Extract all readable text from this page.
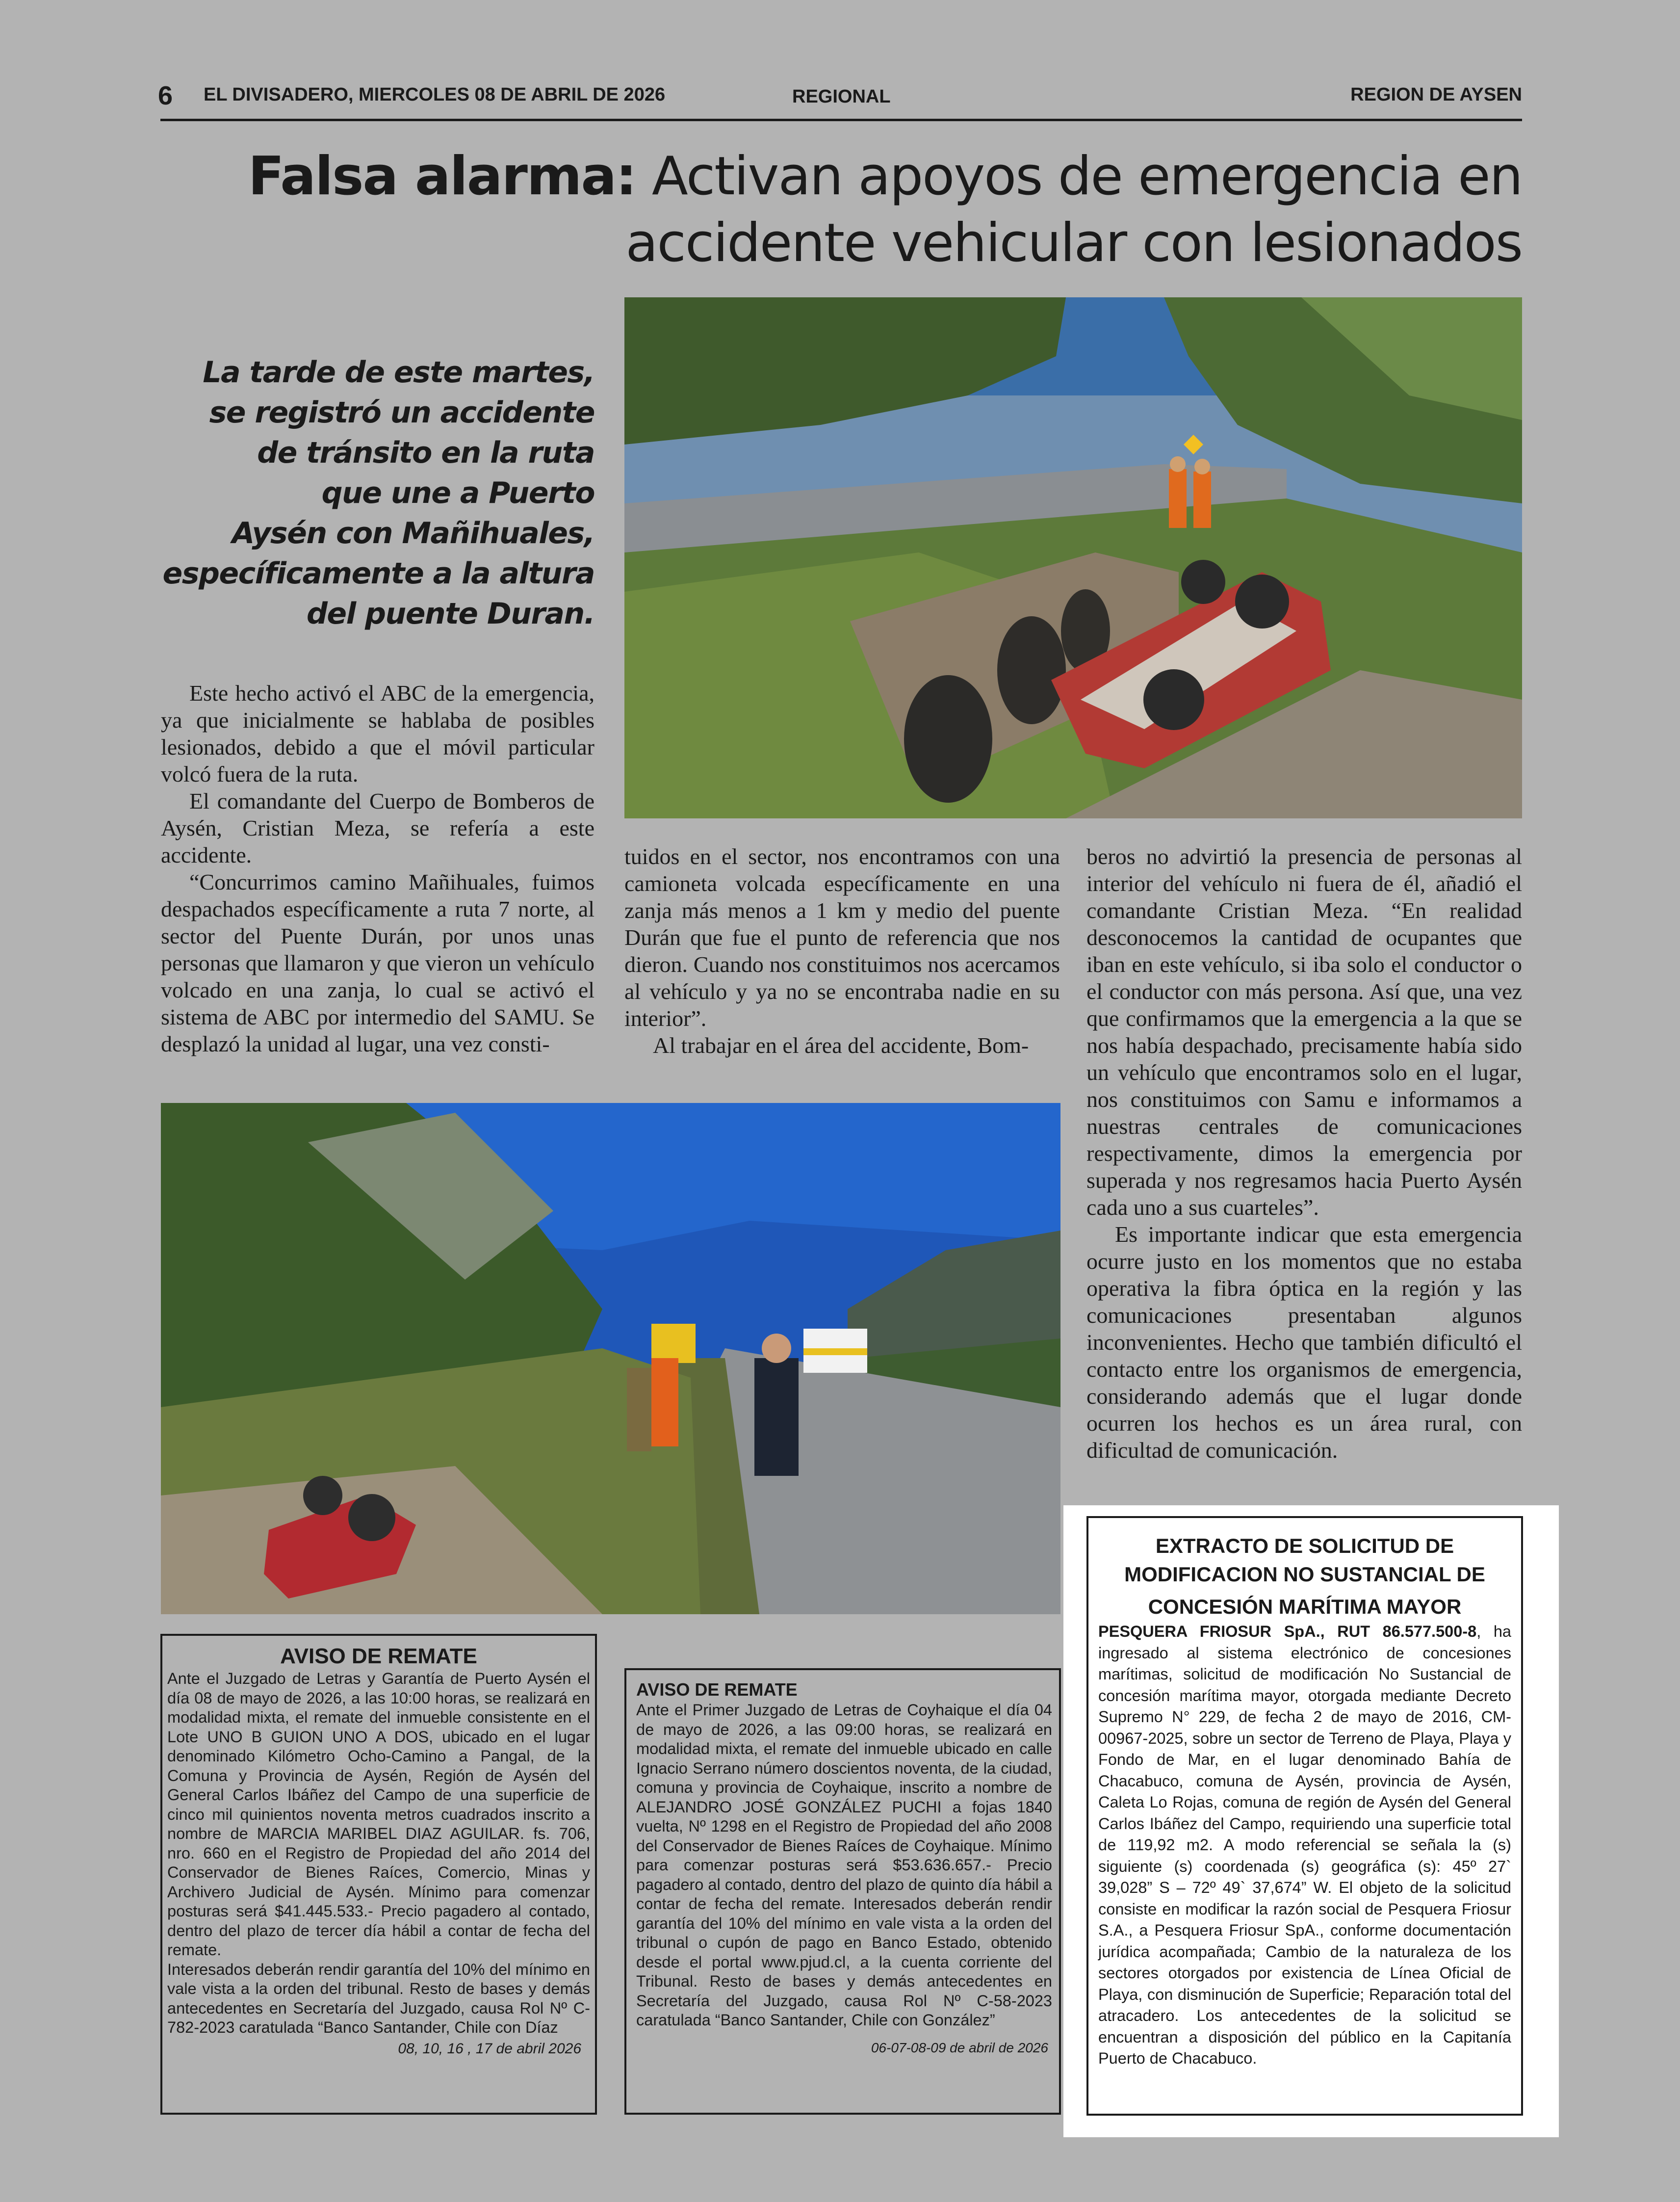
6 EL DIVISADERO, MIERCOLES 08 DE ABRIL DE 2026	REGIONAL	REGION DE AYSEN
Falsa alarma: Activan apoyos de emergencia en
accidente vehicular con lesionados
La tarde de este martes,
se registró un accidente
de tránsito en la ruta
que une a Puerto
Aysén con Mañihuales,
específicamente a la altura
del puente Duran.

Este hecho activó el ABC de la emergencia, ya que inicialmente se hablaba de posibles lesionados, debido a que el móvil particular volcó fuera de la ruta.

El comandante del Cuerpo de Bomberos de Aysén, Cristian Meza, se refería a este accidente.

“Concurrimos camino Mañihuales, fuimos despachados específicamente a ruta 7 norte, al sector del Puente Durán, por unos unas personas que llamaron y que vieron un vehículo volcado en una zanja, lo cual se activó el sistema de ABC por intermedio del SAMU. Se desplazó la unidad al lugar, una vez consti-

tuidos en el sector, nos encontramos con una camioneta volcada específicamente en una zanja más menos a 1 km y medio del puente Durán que fue el punto de referencia que nos dieron. Cuando nos constituimos nos acercamos al vehículo y ya no se encontraba nadie en su interior”.

Al trabajar en el área del accidente, Bom-

beros no advirtió la presencia de personas al interior del vehículo ni fuera de él, añadió el comandante Cristian Meza. “En realidad desconocemos la cantidad de ocupantes que iban en este vehículo, si iba solo el conductor o el conductor con más persona. Así que, una vez que confirmamos que la emergencia a la que se nos había despachado, precisamente había sido un vehículo que encontramos solo en el lugar, nos constituimos con Samu e informamos a nuestras centrales de comunicaciones respectivamente, dimos la emergencia por superada y nos regresamos hacia Puerto Aysén cada uno a sus cuarteles”.

Es importante indicar que esta emergencia ocurre justo en los momentos que no estaba operativa la fibra óptica en la región y las comunicaciones presentaban algunos inconvenientes. Hecho que también dificultó el contacto entre los organismos de emergencia, considerando además que el lugar donde ocurren los hechos es un área rural, con dificultad de comunicación.

AVISO DE REMATE
Ante el Juzgado de Letras y Garantía de Puerto Aysén el día 08 de mayo de 2026, a las 10:00 horas, se realizará en modalidad mixta, el remate del inmueble consistente en el Lote UNO B GUION UNO A DOS, ubicado en el lugar denominado Kilómetro Ocho-Camino a Pangal, de la Comuna y Provincia de Aysén, Región de Aysén del General Carlos Ibáñez del Campo de una superficie de cinco mil quinientos noventa metros cuadrados inscrito a nombre de MARCIA MARIBEL DIAZ AGUILAR. fs. 706, nro. 660 en el Registro de Propiedad del año 2014 del Conservador de Bienes Raíces, Comercio, Minas y Archivero Judicial de Aysén. Mínimo para comenzar posturas será $41.445.533.- Precio pagadero al contado, dentro del plazo de tercer día hábil a contar de fecha del remate.
Interesados deberán rendir garantía del 10% del mínimo en vale vista a la orden del tribunal. Resto de bases y demás antecedentes en Secretaría del Juzgado, causa Rol Nº C-782-2023 caratulada “Banco Santander, Chile con Díaz
08, 10, 16 , 17 de abril 2026
AVISO DE REMATE
Ante el Primer Juzgado de Letras de Coyhaique el día 04 de mayo de 2026, a las 09:00 horas, se realizará en modalidad mixta, el remate del inmueble ubicado en calle Ignacio Serrano número doscientos noventa, de la ciudad, comuna y provincia de Coyhaique, inscrito a nombre de ALEJANDRO JOSÉ GONZÁLEZ PUCHI a fojas 1840 vuelta, Nº 1298 en el Registro de Propiedad del año 2008 del Conservador de Bienes Raíces de Coyhaique. Mínimo para comenzar posturas será $53.636.657.- Precio pagadero al contado, dentro del plazo de quinto día hábil a contar de fecha del remate. Interesados deberán rendir garantía del 10% del mínimo en vale vista a la orden del tribunal o cupón de pago en Banco Estado, obtenido desde el portal www.pjud.cl, a la cuenta corriente del Tribunal. Resto de bases y demás antecedentes en Secretaría del Juzgado, causa Rol Nº C-58-2023 caratulada “Banco Santander, Chile con González”
06-07-08-09 de abril de 2026
EXTRACTO DE SOLICITUD DE
MODIFICACION NO SUSTANCIAL DE
CONCESIÓN MARÍTIMA MAYOR
PESQUERA FRIOSUR SpA., RUT 86.577.500-8, ha ingresado al sistema electrónico de concesiones marítimas, solicitud de modificación No Sustancial de concesión marítima mayor, otorgada mediante Decreto Supremo N° 229, de fecha 2 de mayo de 2016, CM-00967-2025, sobre un sector de Terreno de Playa, Playa y Fondo de Mar, en el lugar denominado Bahía de Chacabuco, comuna de Aysén, provincia de Aysén, Caleta Lo Rojas, comuna de región de Aysén del General Carlos Ibáñez del Campo, requiriendo una superficie total de 119,92 m2. A modo referencial se señala la (s) siguiente (s) coordenada (s) geográfica (s): 45º 27` 39,028” S – 72º 49` 37,674” W. El objeto de la solicitud consiste en modificar la razón social de Pesquera Friosur S.A., a Pesquera Friosur SpA., conforme documentación jurídica acompañada; Cambio de la naturaleza de los sectores otorgados por existencia de Línea Oficial de Playa, con disminución de Superficie; Reparación total del atracadero. Los antecedentes de la solicitud se encuentran a disposición del público en la Capitanía Puerto de Chacabuco.
